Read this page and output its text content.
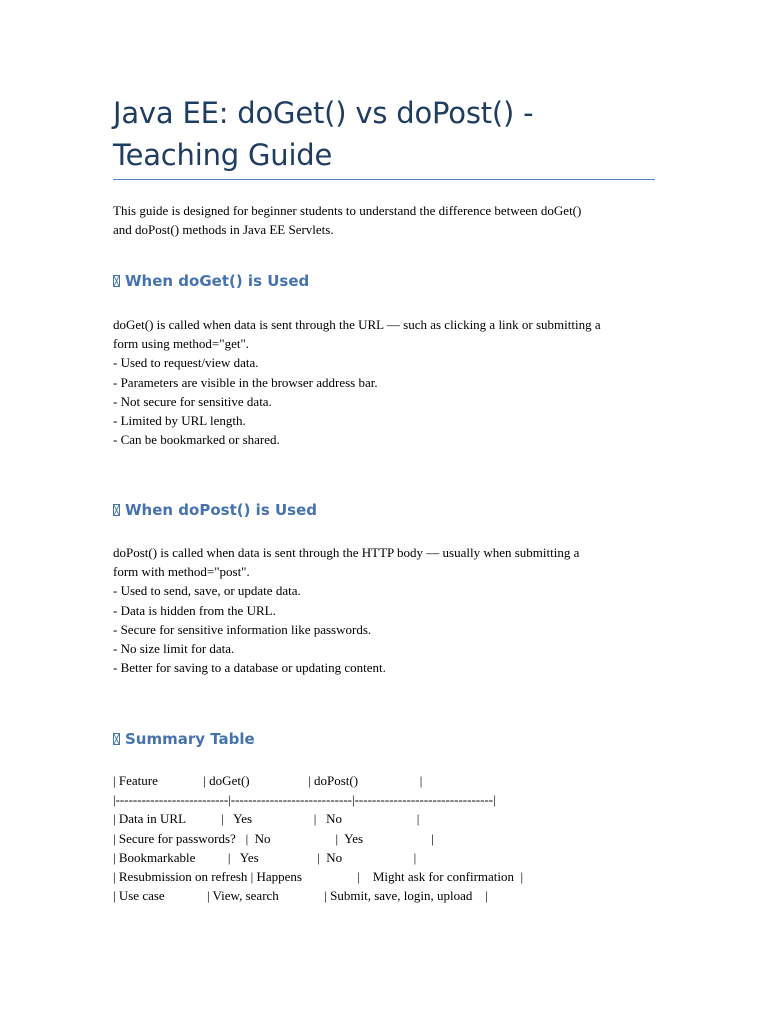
Java EE: doGet() vs doPost() - Teaching Guide

This guide is designed for beginner students to understand the difference between doGet()
and doPost() methods in Java EE Servlets.

When doGet() is Used

doGet() is called when data is sent through the URL — such as clicking a link or submitting a
form using method="get".
- Used to request/view data.
- Parameters are visible in the browser address bar.
- Not secure for sensitive data.
- Limited by URL length.
- Can be bookmarked or shared.

When doPost() is Used

doPost() is called when data is sent through the HTTP body — usually when submitting a
form with method="post".
- Used to send, save, or update data.
- Data is hidden from the URL.
- Secure for sensitive information like passwords.
- No size limit for data.
- Better for saving to a database or updating content.

Summary Table
| Feature              | doGet()                  | doPost()                   |
|--------------------------|----------------------------|--------------------------------|
| Data in URL           |   Yes                   |   No                       |
| Secure for passwords?   |  No                    |  Yes                     |
| Bookmarkable          |   Yes                  |  No                      |
| Resubmission on refresh | Happens                 |    Might ask for confirmation  |
| Use case             | View, search              | Submit, save, login, upload    |
